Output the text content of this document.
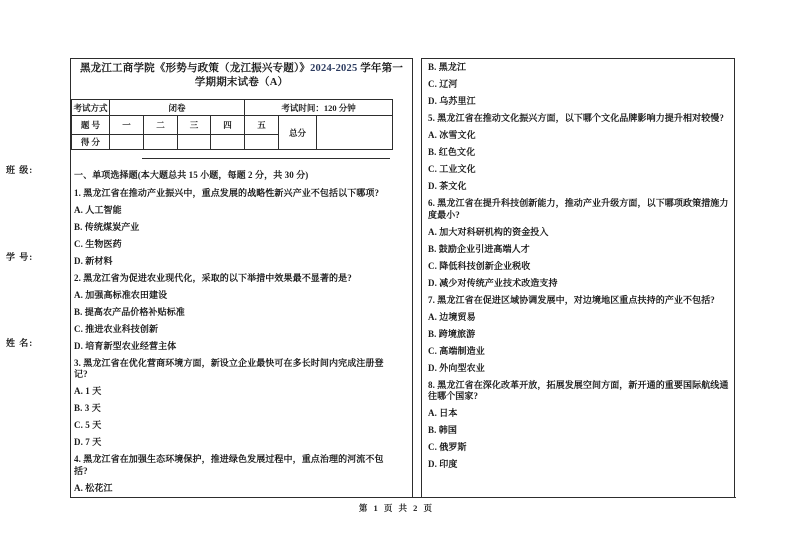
班 级:
学 号:
姓 名:
黑龙江工商学院《形势与政策（龙江振兴专题）》2024-2025 学年第一学期期末试卷（A）
考试方式	闭卷				考试时间：120 分钟		
题 号	一	二	三	四	五	总分	
得 分							
一、单项选择题(本大题总共 15 小题，每题 2 分，共 30 分)
1. 黑龙江省在推动产业振兴中，重点发展的战略性新兴产业不包括以下哪项?
A. 人工智能
B. 传统煤炭产业
C. 生物医药
D. 新材料
2. 黑龙江省为促进农业现代化，采取的以下举措中效果最不显著的是?
A. 加强高标准农田建设
B. 提高农产品价格补贴标准
C. 推进农业科技创新
D. 培育新型农业经营主体
3. 黑龙江省在优化营商环境方面，新设立企业最快可在多长时间内完成注册登记?
A. 1 天
B. 3 天
C. 5 天
D. 7 天
4. 黑龙江省在加强生态环境保护，推进绿色发展过程中，重点治理的河流不包括?
A. 松花江
B. 黑龙江
C. 辽河
D. 乌苏里江
5. 黑龙江省在推动文化振兴方面，以下哪个文化品牌影响力提升相对较慢?
A. 冰雪文化
B. 红色文化
C. 工业文化
D. 茶文化
6. 黑龙江省在提升科技创新能力，推动产业升级方面，以下哪项政策措施力度最小?
A. 加大对科研机构的资金投入
B. 鼓励企业引进高端人才
C. 降低科技创新企业税收
D. 减少对传统产业技术改造支持
7. 黑龙江省在促进区域协调发展中，对边境地区重点扶持的产业不包括?
A. 边境贸易
B. 跨境旅游
C. 高端制造业
D. 外向型农业
8. 黑龙江省在深化改革开放，拓展发展空间方面，新开通的重要国际航线通往哪个国家?
A. 日本
B. 韩国
C. 俄罗斯
D. 印度
第 1 页 共 2 页
